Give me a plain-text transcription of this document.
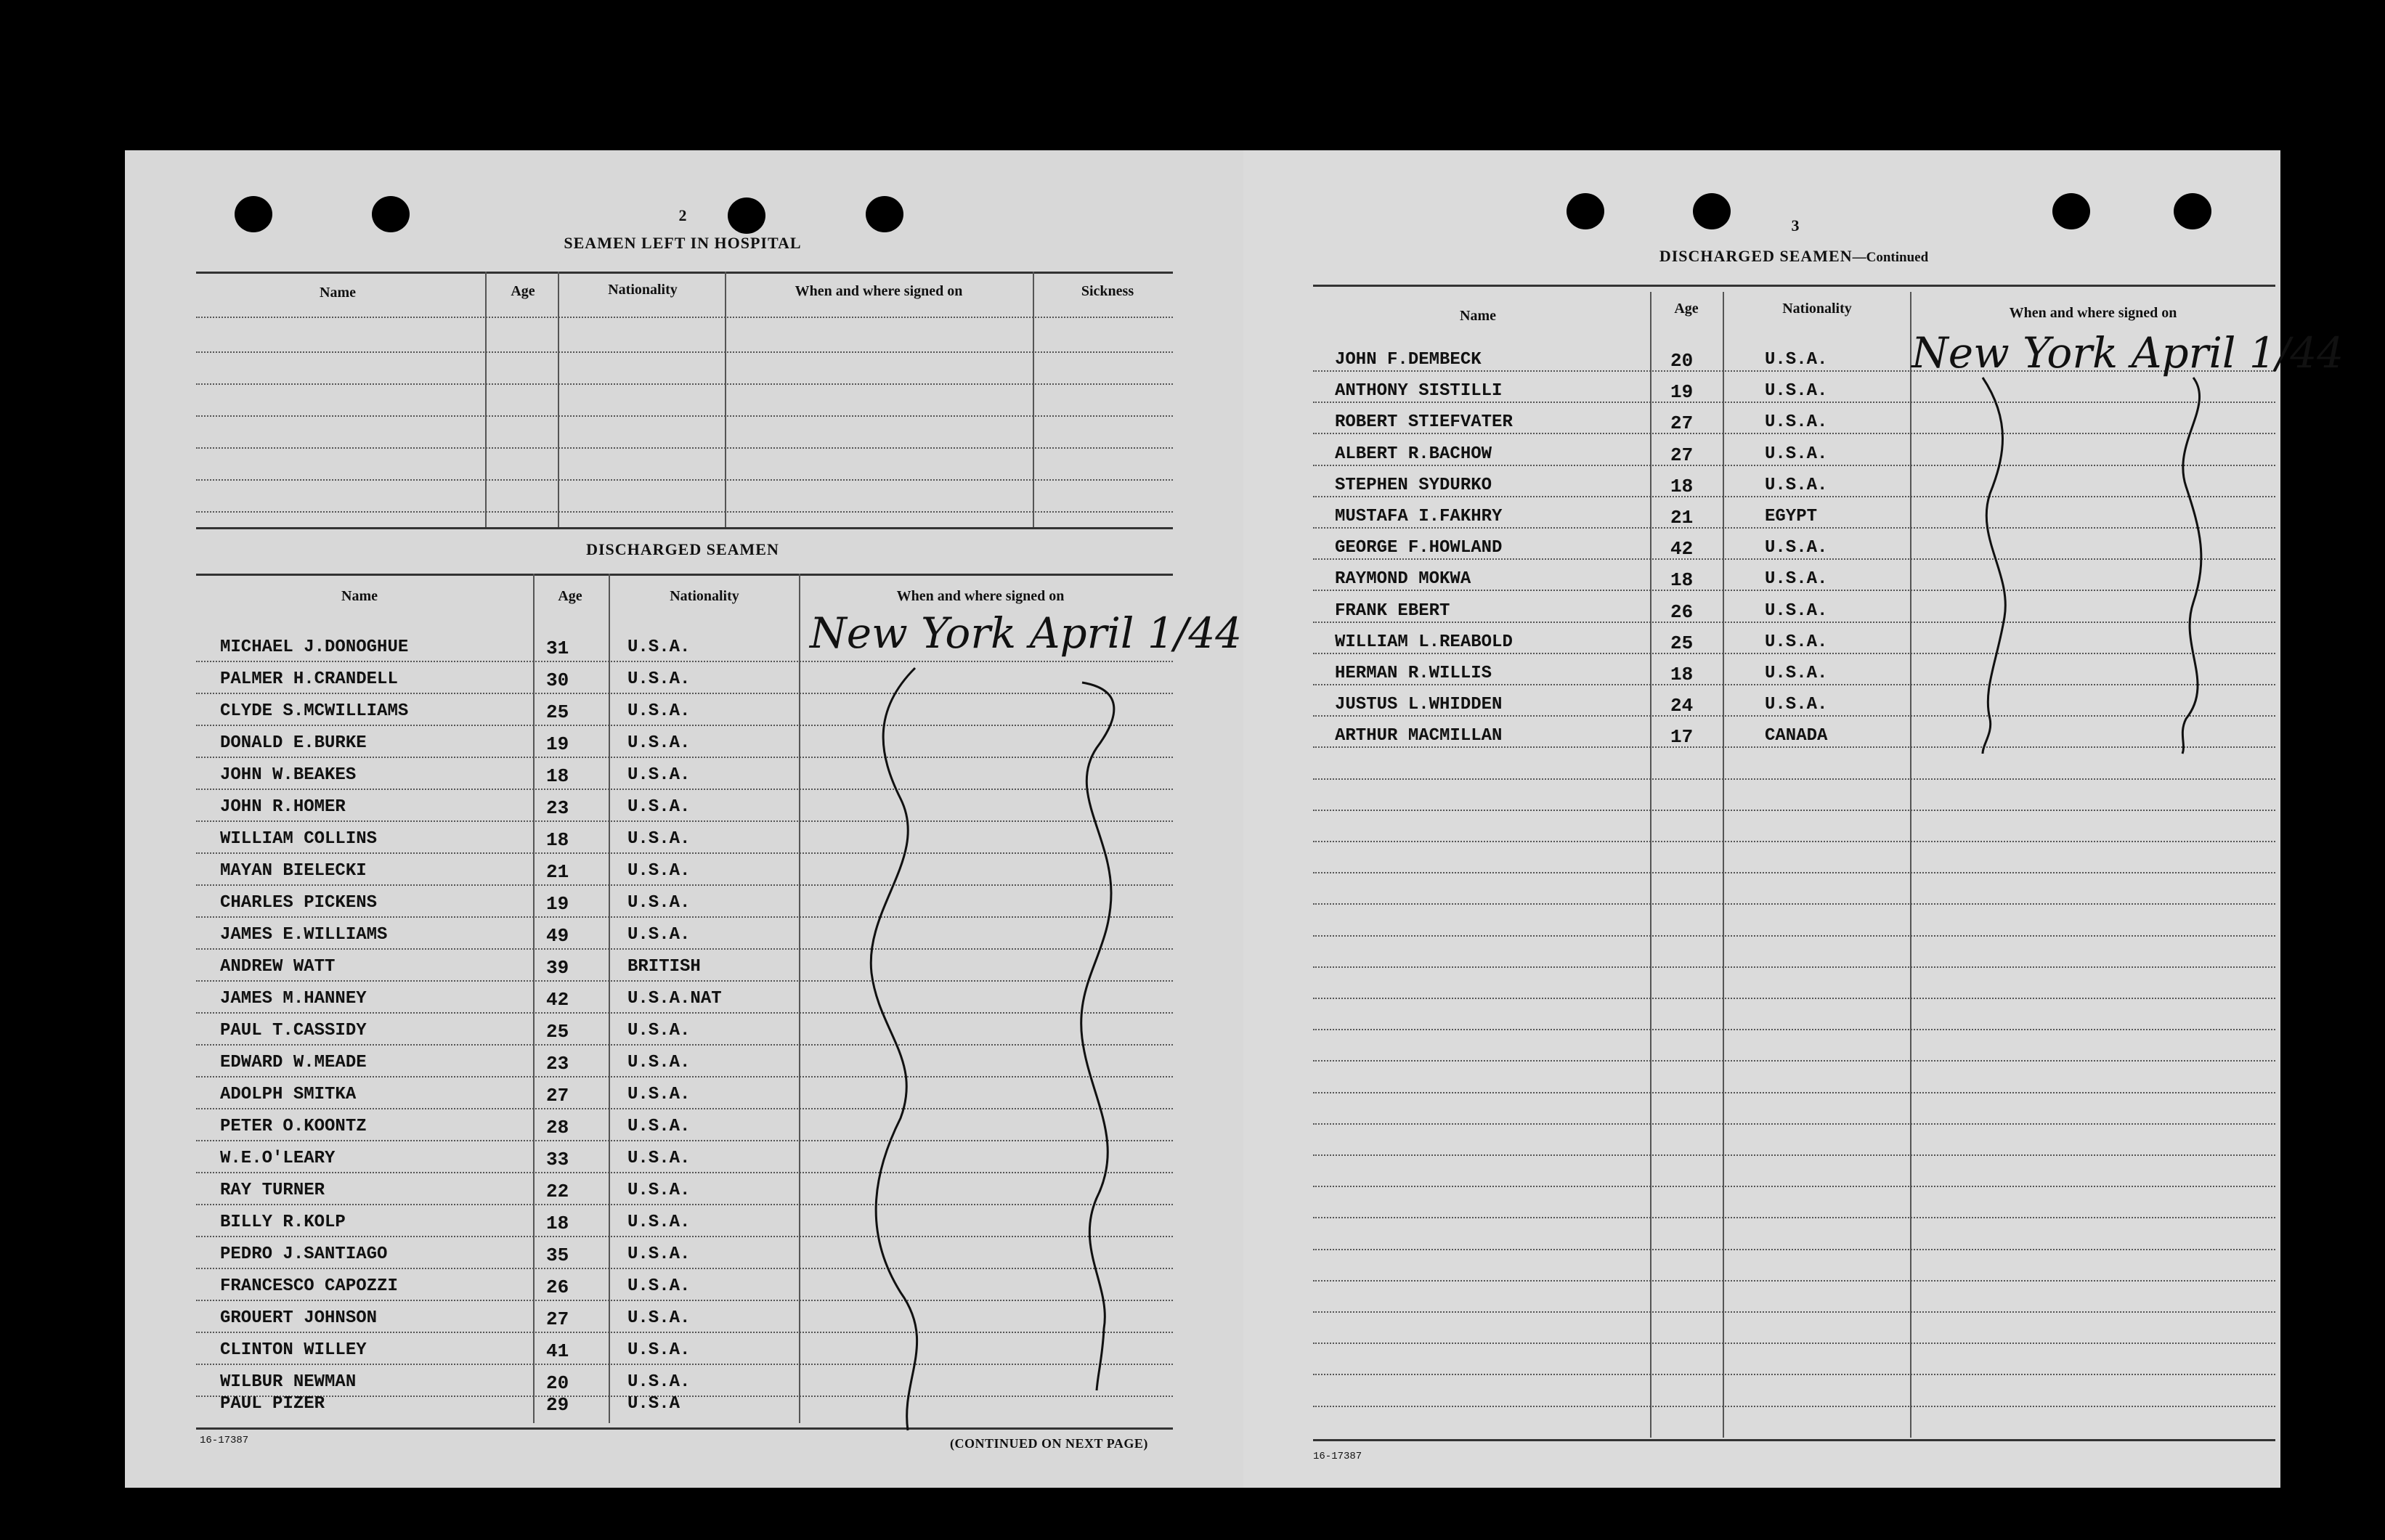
2
SEAMEN LEFT IN HOSPITAL
Name	Age	Nationality	When and where signed on	Sickness
DISCHARGED SEAMEN
Name	Age	Nationality	When and where signed on
MICHAEL J.DONOGHUE	31	U.S.A.
PALMER H.CRANDELL	30	U.S.A.
CLYDE S.MCWILLIAMS	25	U.S.A.
DONALD E.BURKE	19	U.S.A.
JOHN W.BEAKES	18	U.S.A.
JOHN R.HOMER	23	U.S.A.
WILLIAM COLLINS	18	U.S.A.
MAYAN BIELECKI	21	U.S.A.
CHARLES PICKENS	19	U.S.A.
JAMES E.WILLIAMS	49	U.S.A.
ANDREW WATT	39	BRITISH
JAMES M.HANNEY	42	U.S.A.NAT
PAUL T.CASSIDY	25	U.S.A.
EDWARD W.MEADE	23	U.S.A.
ADOLPH SMITKA	27	U.S.A.
PETER O.KOONTZ	28	U.S.A.
W.E.O'LEARY	33	U.S.A.
RAY TURNER	22	U.S.A.
BILLY R.KOLP	18	U.S.A.
PEDRO J.SANTIAGO	35	U.S.A.
FRANCESCO CAPOZZI	26	U.S.A.
GROUERT JOHNSON	27	U.S.A.
CLINTON WILLEY	41	U.S.A.
WILBUR NEWMAN	20	U.S.A.
PAUL PIZER	29	U.S.A
New York April 1/44
16-17387	(CONTINUED ON NEXT PAGE)
3
DISCHARGED SEAMEN—Continued
Name	Age	Nationality	When and where signed on
JOHN F.DEMBECK	20	U.S.A.
ANTHONY SISTILLI	19	U.S.A.
ROBERT STIEFVATER	27	U.S.A.
ALBERT R.BACHOW	27	U.S.A.
STEPHEN SYDURKO	18	U.S.A.
MUSTAFA I.FAKHRY	21	EGYPT
GEORGE F.HOWLAND	42	U.S.A.
RAYMOND MOKWA	18	U.S.A.
FRANK EBERT	26	U.S.A.
WILLIAM L.REABOLD	25	U.S.A.
HERMAN R.WILLIS	18	U.S.A.
JUSTUS L.WHIDDEN	24	U.S.A.
ARTHUR MACMILLAN	17	CANADA
New York April 1/44
16-17387
